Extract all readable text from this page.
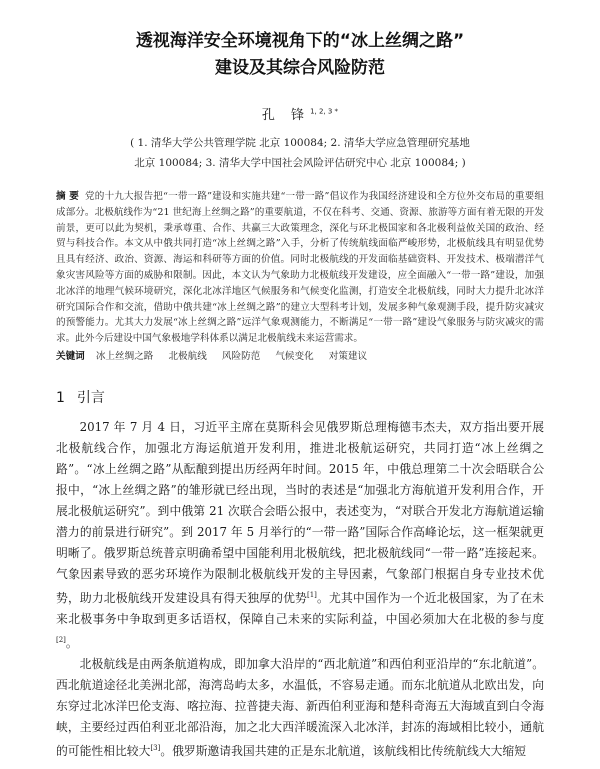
透视海洋安全环境视角下的“冰上丝绸之路”
建设及其综合风险防范
孔 锋$^{1, 2, 3 *}$
( 1. 清华大学公共管理学院 北京 100084; 2. 清华大学应急管理研究基地
北京 100084; 3. 清华大学中国社会风险评估研究中心 北京 100084; )
摘 要 党的十九大报告把“一带一路”建设和实施共建“一带一路”倡议作为我国经济建设和全方位外交布局的重要组成部分。北极航线作为“21 世纪海上丝绸之路”的重要航道，不仅在科考、交通、资源、旅游等方面有着无限的开发前景，更可以此为契机，秉承尊重、合作、共赢三大政策理念，深化与环北极国家和各北极利益攸关国的政治、经贸与科技合作。本文从中俄共同打造“冰上丝绸之路”入手，分析了传统航线面临严峻形势，北极航线具有明显优势且具有经济、政治、资源、海运和科研等方面的价值。同时北极航线的开发面临基础资料、开发技术、极端潜洋气象灾害风险等方面的威胁和限制。因此，本文认为气象助力北极航线开发建设，应全面融入“一带一路”建设，加强北冰洋的地理气候环境研究，深化北冰洋地区气候服务和气候变化监测，打造安全北极航线，同时大力提升北冰洋研究国际合作和交流，借助中俄共建“冰上丝绸之路”的建立大型科考计划，发展多种气象观测手段，提升防灾减灾的预警能力。尤其大力发展“冰上丝绸之路”远洋气象观测能力，不断满足“一带一路”建设气象服务与防灾减灾的需求。此外今后建设中国气象极地学科体系以满足北极航线未来运营需求。
关键词 冰上丝绸之路 北极航线 风险防范 气候变化 对策建议
1 引言

2017 年 7 月 4 日，习近平主席在莫斯科会见俄罗斯总理梅德韦杰夫，双方指出要开展北极航线合作，加强北方海运航道开发利用，推进北极航运研究，共同打造“冰上丝绸之路”。“冰上丝绸之路”从酝酿到提出历经两年时间。2015 年，中俄总理第二十次会晤联合公报中，“冰上丝绸之路”的雏形就已经出现，当时的表述是“加强北方海航道开发利用合作，开展北极航运研究”。到中俄第 21 次联合会晤公报中，表述变为，“对联合开发北方海航道运输潜力的前景进行研究”。到 2017 年 5 月举行的“一带一路”国际合作高峰论坛，这一框架就更明晰了。俄罗斯总统普京明确希望中国能利用北极航线，把北极航线同“一带一路”连接起来。气象因素导致的恶劣环境作为限制北极航线开发的主导因素，气象部门根据自身专业技术优势，助力北极航线开发建设具有得天独厚的优势[1]。尤其中国作为一个近北极国家，为了在未来北极事务中争取到更多话语权，保障自己未来的实际利益，中国必须加大在北极的参与度[2]。

北极航线是由两条航道构成，即加拿大沿岸的“西北航道”和西伯利亚沿岸的“东北航道”。西北航道途径北美洲北部，海湾岛屿太多，水温低，不容易走通。而东北航道从北欧出发，向东穿过北冰洋巴伦支海、喀拉海、拉普捷夫海、新西伯利亚海和楚科奇海五大海域直到白令海峡，主要经过西伯利亚北部沿海，加之北大西洋暖流深入北冰洋，封冻的海域相比较小，通航的可能性相比较大[3]。俄罗斯邀请我国共建的正是东北航道，该航线相比传统航线大大缩短
